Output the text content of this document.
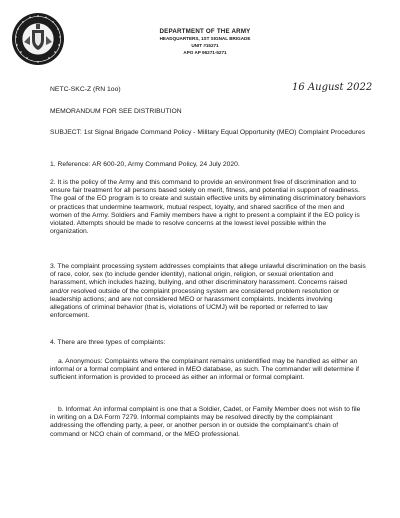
DEPARTMENT OF THE ARMY
HEADQUARTERS, 1ST SIGNAL BRIGADE
UNIT #15271
APO AP 96271-5271
NETC-SKC-Z (RN 1oo)	16 August 2022
MEMORANDUM FOR SEE DISTRIBUTION
SUBJECT: 1st Signal Brigade Command Policy - Military Equal Opportunity (MEO) Complaint Procedures
1. Reference: AR 600-20, Army Command Policy, 24 July 2020.
2. It is the policy of the Army and this command to provide an environment free of discrimination and to ensure fair treatment for all persons based solely on merit, fitness, and potential in support of readiness. The goal of the EO program is to create and sustain effective units by eliminating discriminatory behaviors or practices that undermine teamwork, mutual respect, loyalty, and shared sacrifice of the men and women of the Army. Soldiers and Family members have a right to present a complaint if the EO policy is violated. Attempts should be made to resolve concerns at the lowest level possible within the organization.
3. The complaint processing system addresses complaints that allege unlawful discrimination on the basis of race, color, sex (to include gender identity), national origin, religion, or sexual orientation and harassment, which includes hazing, bullying, and other discriminatory harassment. Concerns raised and/or resolved outside of the complaint processing system are considered problem resolution or leadership actions; and are not considered MEO or harassment complaints. Incidents involving allegations of criminal behavior (that is, violations of UCMJ) will be reported or referred to law enforcement.
4. There are three types of complaints:
a. Anonymous: Complaints where the complainant remains unidentified may be handled as either an informal or a formal complaint and entered in MEO database, as such. The commander will determine if sufficient information is provided to proceed as either an informal or formal complaint.
b. Informal: An informal complaint is one that a Soldier, Cadet, or Family Member does not wish to file in writing on a DA Form 7279. Informal complaints may be resolved directly by the complainant addressing the offending party, a peer, or another person in or outside the complainant's chain of command or NCO chain of command, or the MEO professional.
